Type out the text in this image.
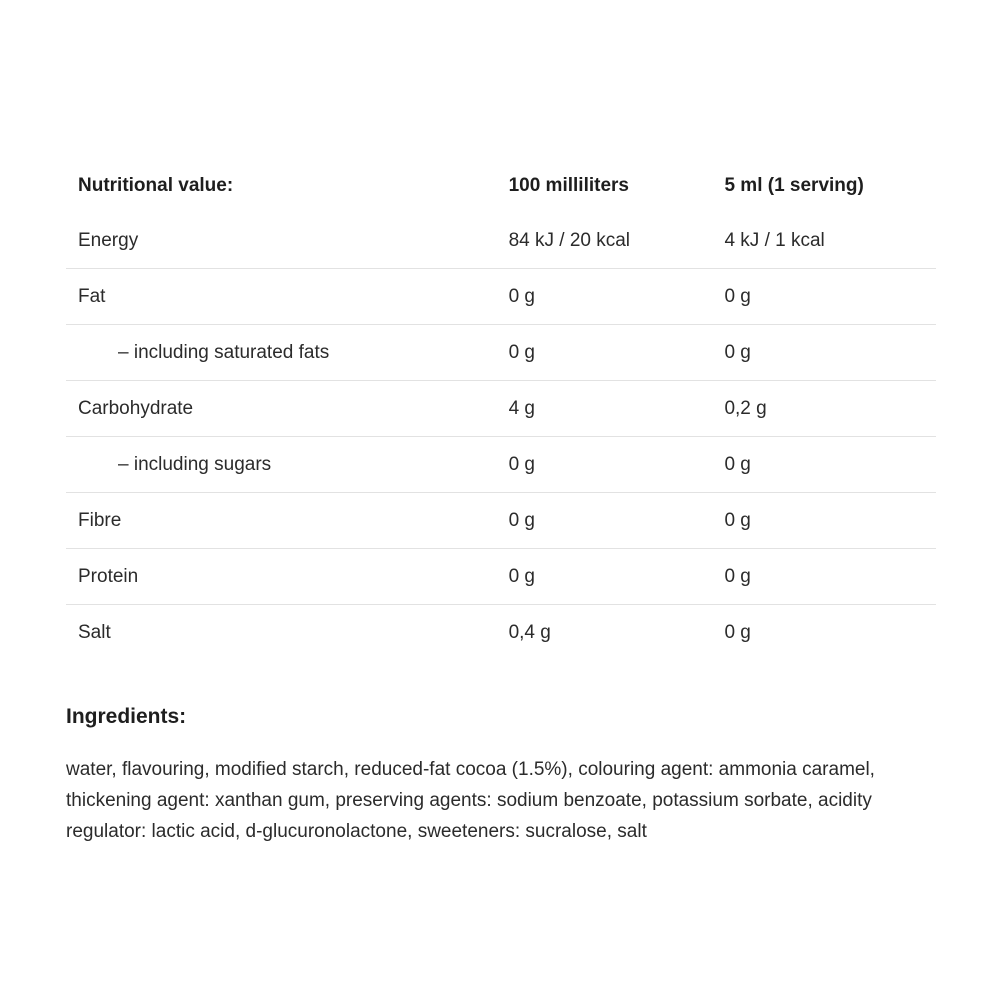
Nutritional value:	100 milliliters	5 ml (1 serving)
Energy	84 kJ / 20 kcal	4 kJ / 1 kcal
Fat	0 g	0 g
– including saturated fats	0 g	0 g
Carbohydrate	4 g	0,2 g
– including sugars	0 g	0 g
Fibre	0 g	0 g
Protein	0 g	0 g
Salt	0,4 g	0 g
Ingredients:

water, flavouring, modified starch, reduced-fat cocoa (1.5%), colouring agent: ammonia caramel, thickening agent: xanthan gum, preserving agents: sodium benzoate, potassium sorbate, acidity regulator: lactic acid, d-glucuronolactone, sweeteners: sucralose, salt
